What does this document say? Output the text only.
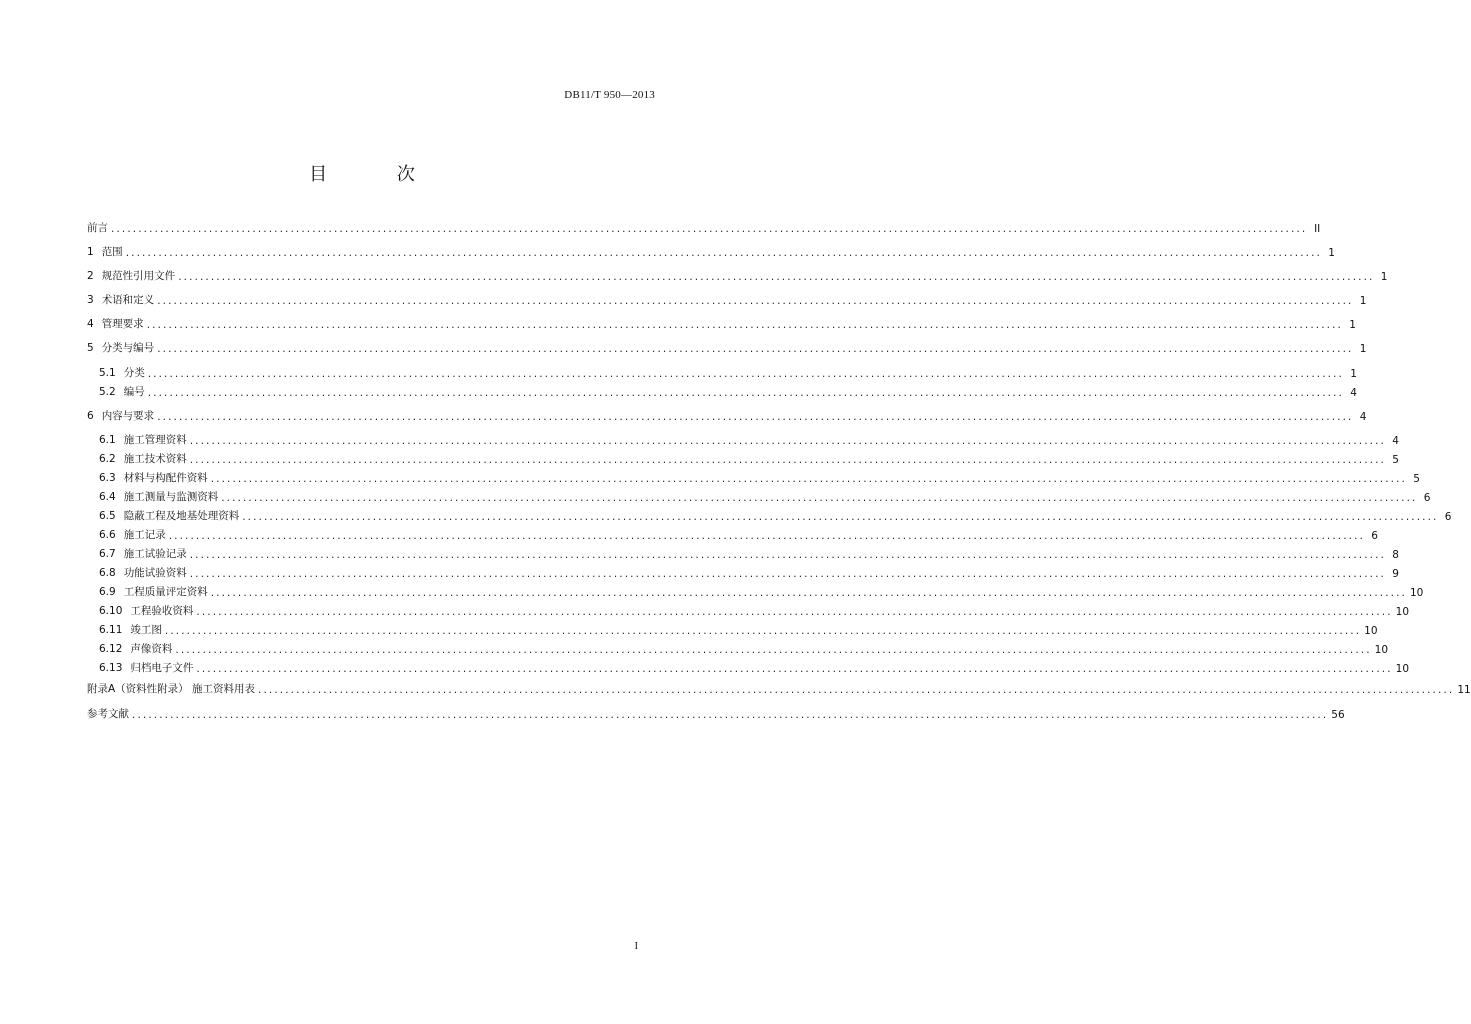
DB11/T 950—2013
目 次
前言 ............................................................................................................................................................................................................................ II
1 范围 ............................................................................................................................................................................................................................ 1
2 规范性引用文件 ............................................................................................................................................................................................................................ 1
3 术语和定义 ............................................................................................................................................................................................................................ 1
4 管理要求 ............................................................................................................................................................................................................................ 1
5 分类与编号 ............................................................................................................................................................................................................................ 1
5.1 分类 ............................................................................................................................................................................................................................ 1
5.2 编号 ............................................................................................................................................................................................................................ 4
6 内容与要求 ............................................................................................................................................................................................................................ 4
6.1 施工管理资料 ............................................................................................................................................................................................................................ 4
6.2 施工技术资料 ............................................................................................................................................................................................................................ 5
6.3 材料与构配件资料 ............................................................................................................................................................................................................................ 5
6.4 施工测量与监测资料 ............................................................................................................................................................................................................................ 6
6.5 隐蔽工程及地基处理资料 ............................................................................................................................................................................................................................ 6
6.6 施工记录 ............................................................................................................................................................................................................................ 6
6.7 施工试验记录 ............................................................................................................................................................................................................................ 8
6.8 功能试验资料 ............................................................................................................................................................................................................................ 9
6.9 工程质量评定资料 ............................................................................................................................................................................................................................ 10
6.10 工程验收资料 ............................................................................................................................................................................................................................ 10
6.11 竣工图 ............................................................................................................................................................................................................................ 10
6.12 声像资料 ............................................................................................................................................................................................................................ 10
6.13 归档电子文件 ............................................................................................................................................................................................................................ 10
附录A（资料性附录） 施工资料用表 ............................................................................................................................................................................................................................ 11
参考文献 ............................................................................................................................................................................................................................ 56
I
